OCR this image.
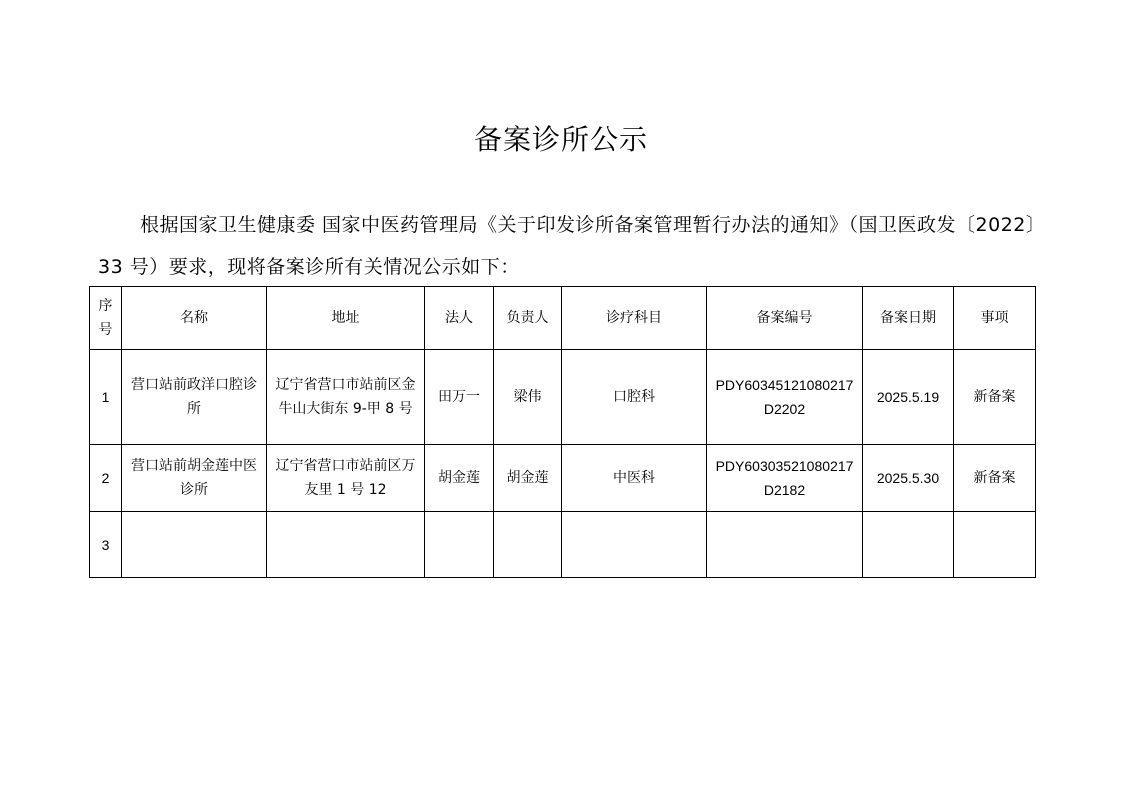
备案诊所公示

根据国家卫生健康委 国家中医药管理局《关于印发诊所备案管理暂行办法的通知》（国卫医政发〔2022〕33 号）要求，现将备案诊所有关情况公示如下：

序号	名称	地址	法人	负责人	诊疗科目	备案编号	备案日期	事项
1	营口站前政洋口腔诊所	辽宁省营口市站前区金牛山大街东 9-甲 8 号	田万一	梁伟	口腔科	PDY60345121080217D2202	2025.5.19	新备案
2	营口站前胡金莲中医诊所	辽宁省营口市站前区万友里 1 号 12	胡金莲	胡金莲	中医科	PDY60303521080217D2182	2025.5.30	新备案
3								
